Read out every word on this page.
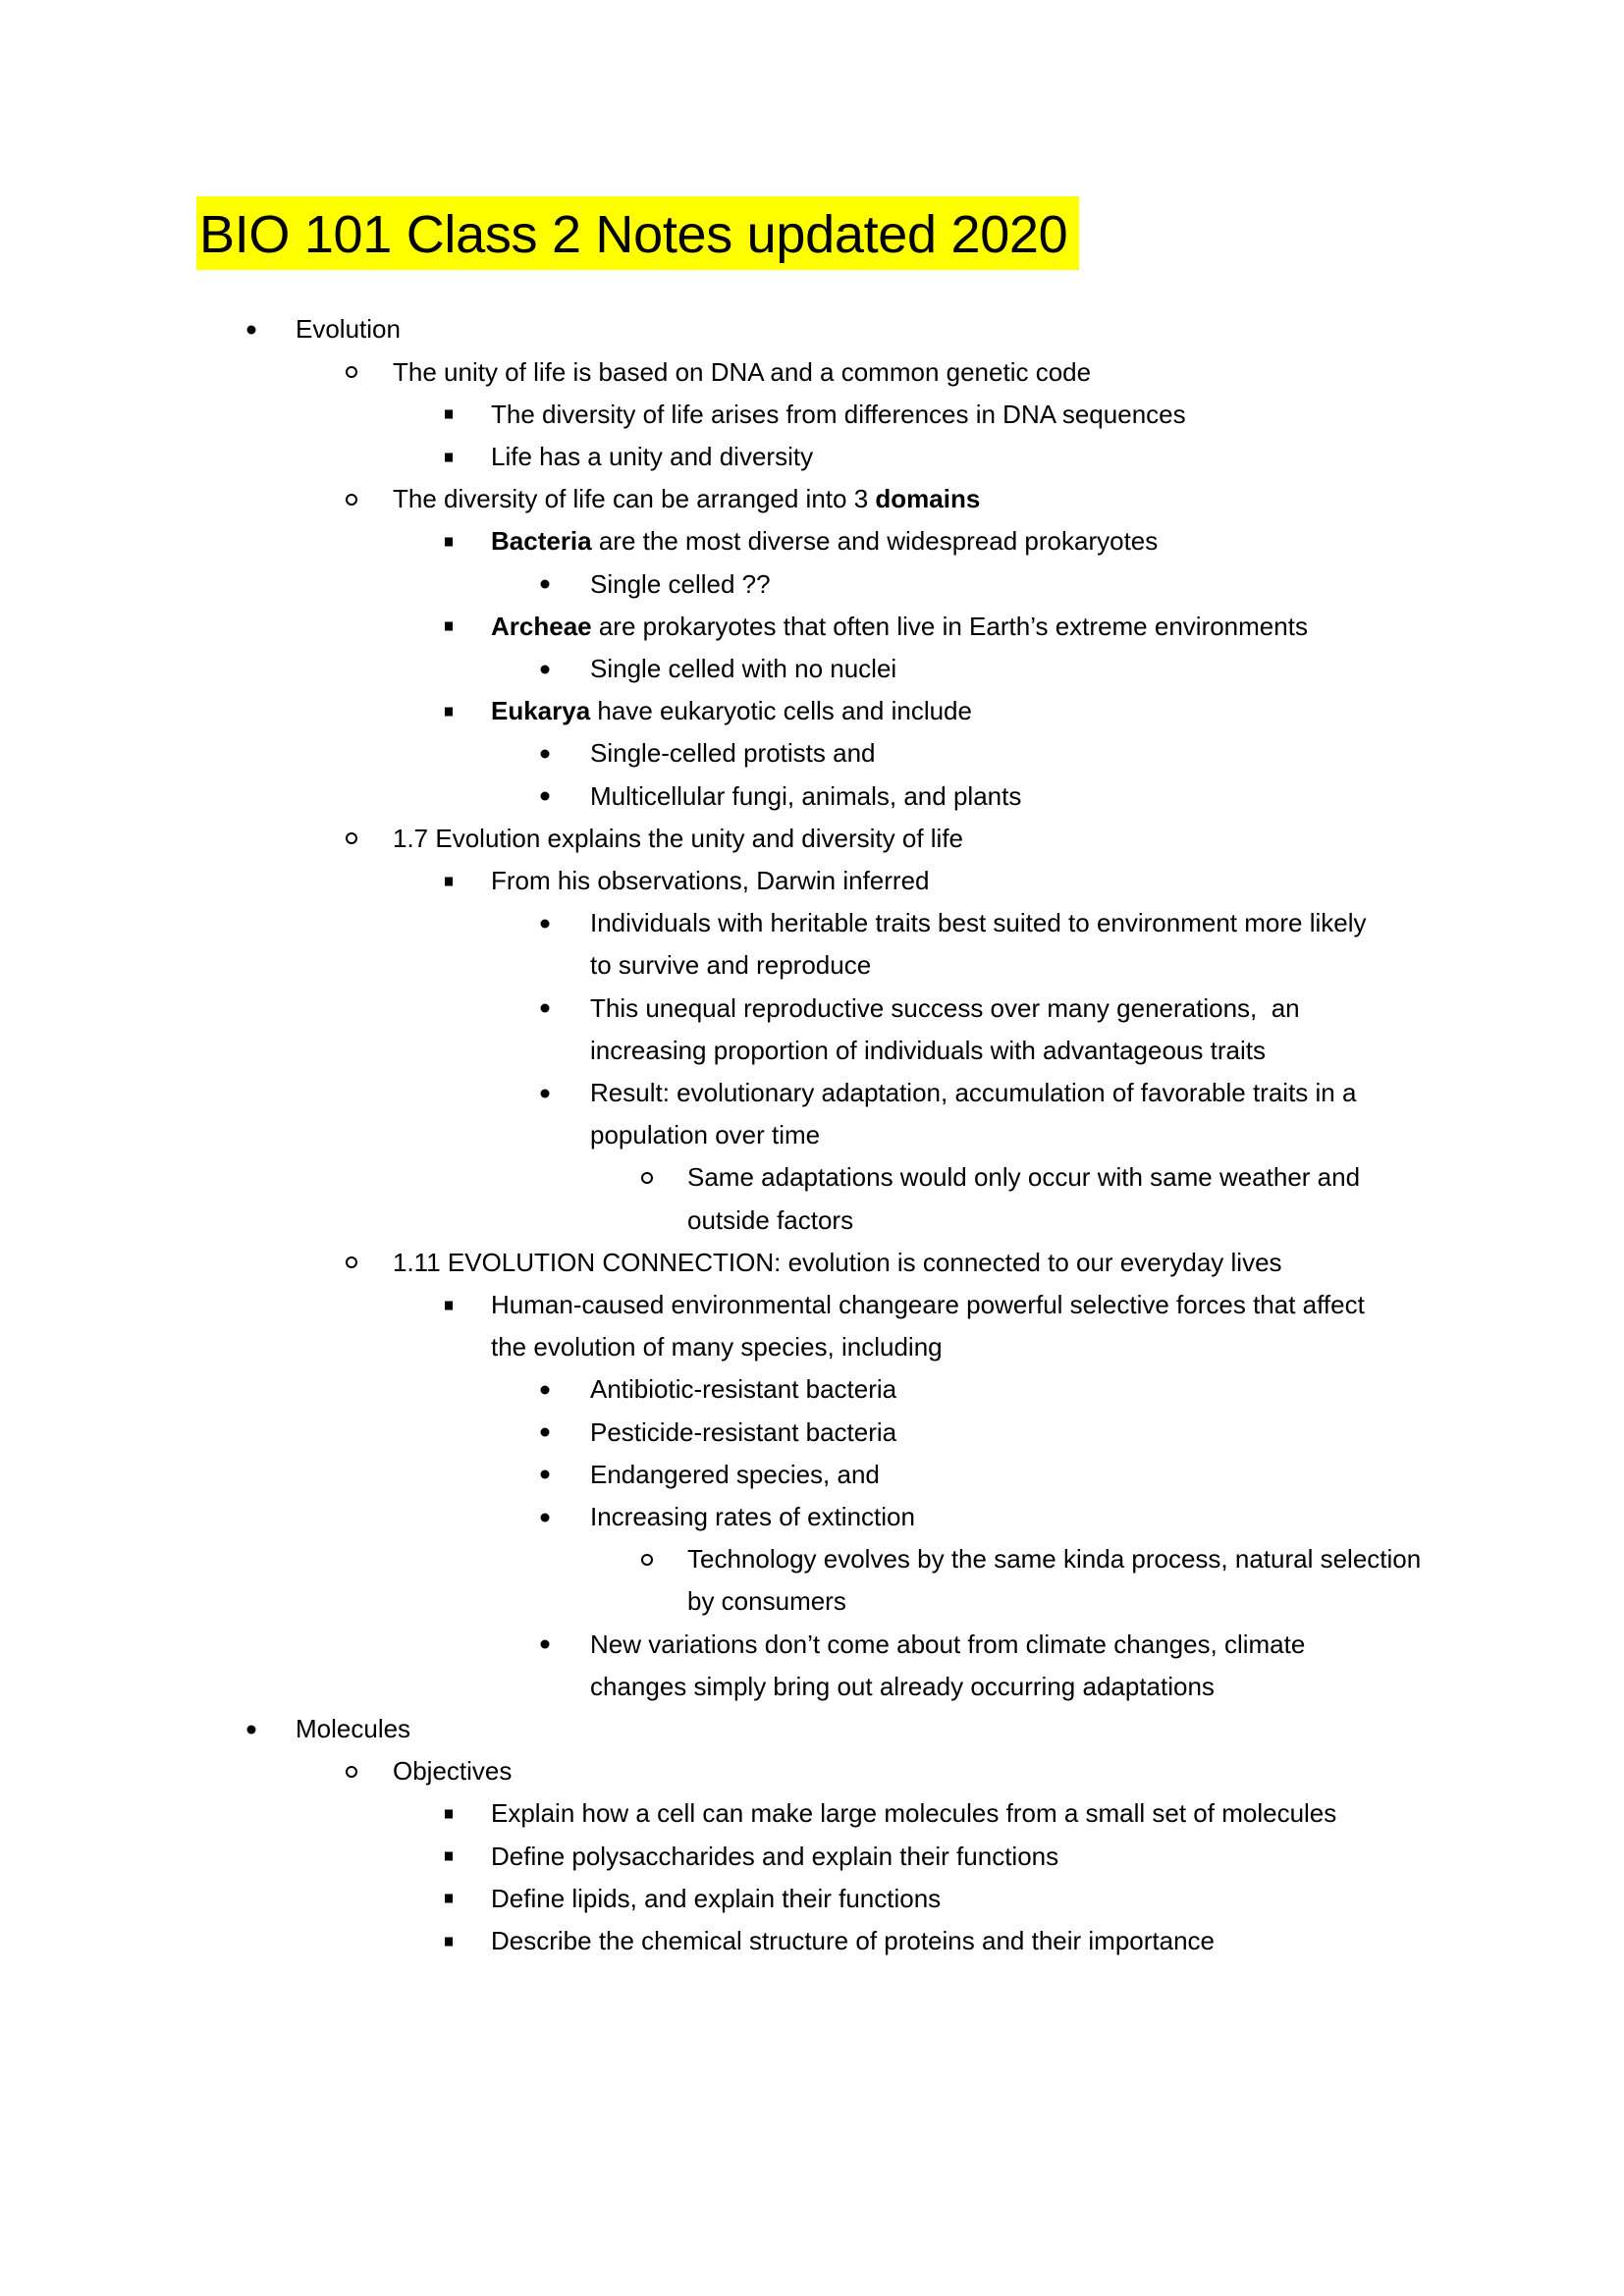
BIO 101 Class 2 Notes updated 2020
Evolution
The unity of life is based on DNA and a common genetic code
The diversity of life arises from differences in DNA sequences
Life has a unity and diversity
The diversity of life can be arranged into 3 domains
Bacteria are the most diverse and widespread prokaryotes
Single celled ??
Archeae are prokaryotes that often live in Earth’s extreme environments
Single celled with no nuclei
Eukarya have eukaryotic cells and include
Single-celled protists and
Multicellular fungi, animals, and plants
1.7 Evolution explains the unity and diversity of life
From his observations, Darwin inferred
Individuals with heritable traits best suited to environment more likely
to survive and reproduce
This unequal reproductive success over many generations,  an
increasing proportion of individuals with advantageous traits
Result: evolutionary adaptation, accumulation of favorable traits in a
population over time
Same adaptations would only occur with same weather and
outside factors
1.11 EVOLUTION CONNECTION: evolution is connected to our everyday lives
Human-caused environmental changeare powerful selective forces that affect
the evolution of many species, including
Antibiotic-resistant bacteria
Pesticide-resistant bacteria
Endangered species, and
Increasing rates of extinction
Technology evolves by the same kinda process, natural selection
by consumers
New variations don’t come about from climate changes, climate
changes simply bring out already occurring adaptations
Molecules
Objectives
Explain how a cell can make large molecules from a small set of molecules
Define polysaccharides and explain their functions
Define lipids, and explain their functions
Describe the chemical structure of proteins and their importance
